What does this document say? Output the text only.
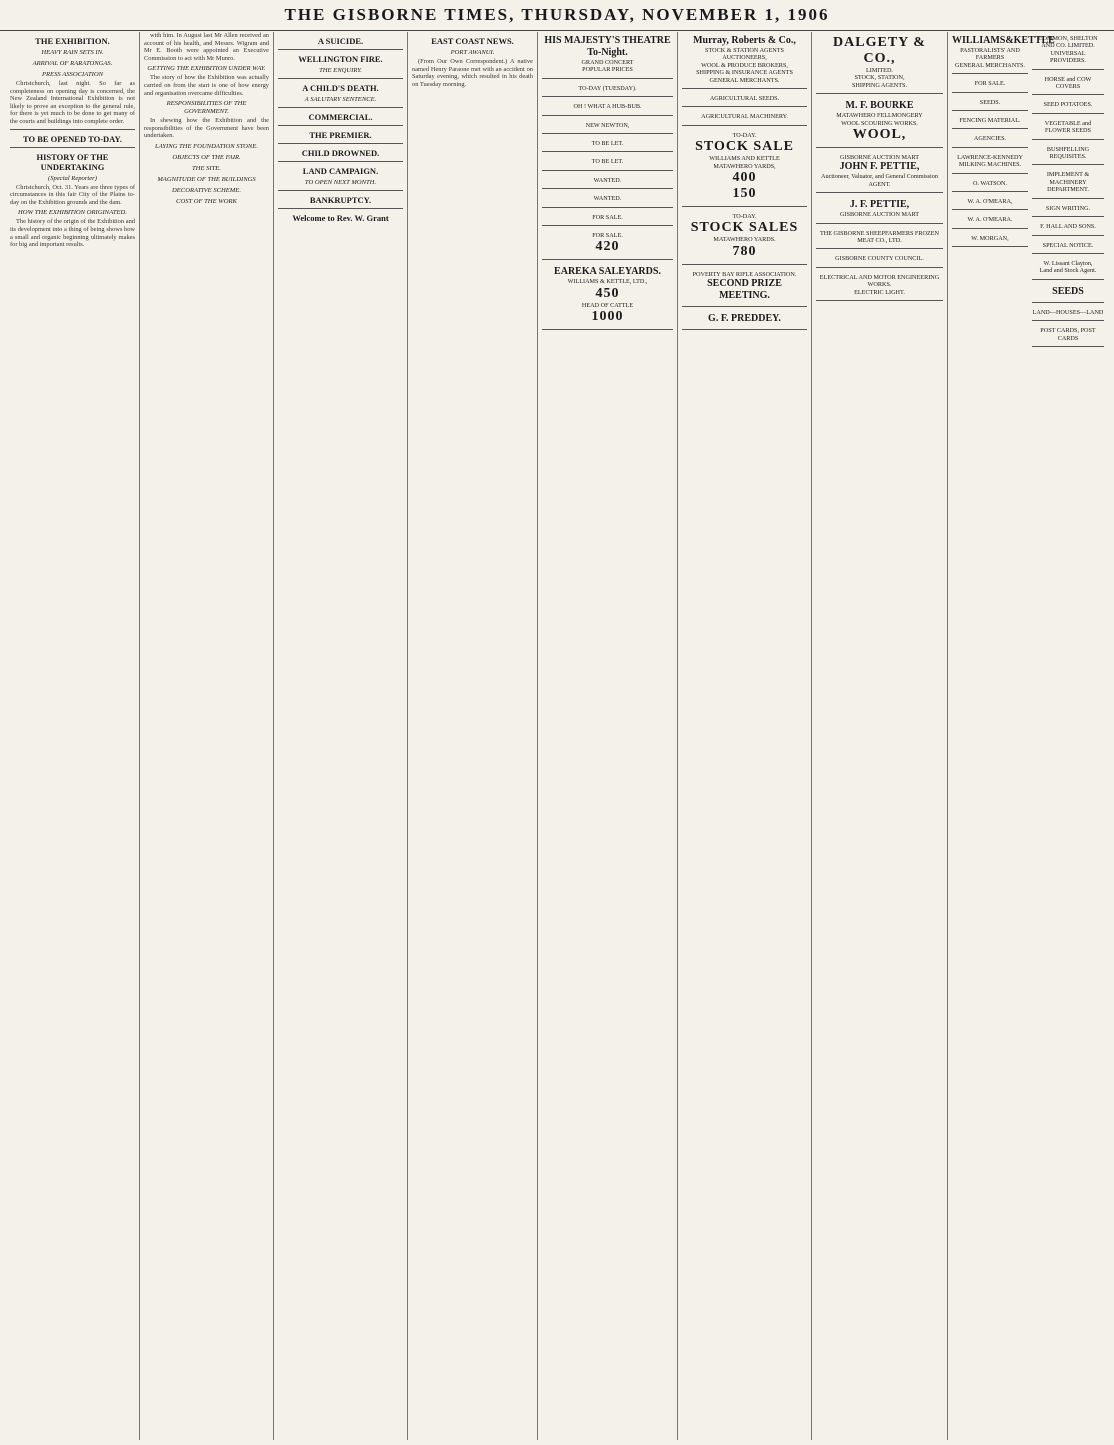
THE GISBORNE TIMES, THURSDAY, NOVEMBER 1, 1906
THE EXHIBITION.
HEAVY RAIN SETS IN.
ARRIVAL OF RARATONGAS.
PRESS ASSOCIATION

Christchurch, last night. So far as completeness on opening day is concerned, the New Zealand International Exhibition is not likely to prove an exception to the general rule, for there is yet much to be done to get many of the courts and buildings into complete order.

TO BE OPENED TO-DAY.
HISTORY OF THE UNDERTAKING
(Special Reporter)

Christchurch, Oct. 31. Years are three types of circumstances in this fair City of the Plains to-day on the Exhibition grounds and the dam.

HOW THE EXHIBITION ORIGINATED.

The history of the origin of the Exhibition and its development into a thing of being shows how a small and organic beginning ultimately makes for big and important results.

with him. In August last Mr Allen received an account of his health, and Messrs. Wigram and Mr E. Booth were appointed an Executive Commission to act with Mr Munro.

GETTING THE EXHIBITION UNDER WAY.

The story of how the Exhibition was actually carried on from the start is one of how energy and organisation overcame difficulties.

RESPONSIBILITIES OF THE GOVERNMENT.

In shewing how the Exhibition and the responsibilities of the Government have been undertaken.

LAYING THE FOUNDATION STONE.
OBJECTS OF THE FAIR.
THE SITE.
MAGNITUDE OF THE BUILDINGS
DECORATIVE SCHEME.
COST OF THE WORK
A SUICIDE.
WELLINGTON FIRE.
THE ENQUIRY.
A CHILD'S DEATH.
A SALUTARY SENTENCE.
COMMERCIAL.
THE PREMIER.
CHILD DROWNED.
LAND CAMPAIGN.
TO OPEN NEXT MONTH.
BANKRUPTCY.
Welcome to Rev. W. Grant
EAST COAST NEWS.
PORT AWANUI.

(From Our Own Correspondent.) A native named Henry Paraone met with an accident on Saturday evening, which resulted in his death on Tuesday morning.

HIS MAJESTY'S THEATRE
To-Night.
GRAND CONCERT
POPULAR PRICES
TO-DAY (TUESDAY).
OH ! WHAT A HUB-BUB.
NEW NEWTON,
TO BE LET.
TO BE LET.
WANTED.
WANTED.
FOR SALE.
FOR SALE.
420
EAREKA SALEYARDS.
WILLIAMS & KETTLE, LTD.,
450
HEAD OF CATTLE
1000
Murray, Roberts & Co.,
STOCK & STATION AGENTS
AUCTIONEERS,
WOOL & PRODUCE BROKERS,
SHIPPING & INSURANCE AGENTS
GENERAL MERCHANTS.
AGRICULTURAL SEEDS.
AGRICULTURAL MACHINERY.
TO-DAY.
STOCK SALE
WILLIAMS AND KETTLE
MATAWHERO YARDS,
400
150
TO-DAY.
STOCK SALES
MATAWHERO YARDS.
780
POVERTY BAY RIFLE ASSOCIATION.
SECOND PRIZE MEETING.
G. F. PREDDEY.
DALGETY & CO.,
LIMITED.
STOCK, STATION,
SHIPPING AGENTS.
M. F. BOURKE
MATAWHERO FELLMONGERY
WOOL SCOURING WORKS.
WOOL,
GISBORNE AUCTION MART
JOHN F. PETTIE,
Auctioneer, Valuator, and General Commission AGENT.
J. F. PETTIE,
GISBORNE AUCTION MART
THE GISBORNE SHEEPFARMERS FROZEN MEAT CO., LTD.
GISBORNE COUNTY COUNCIL.
ELECTRICAL AND MOTOR ENGINEERING WORKS.
ELECTRIC LIGHT.
WILLIAMS&KETTLE
PASTORALISTS' AND FARMERS
GENERAL MERCHANTS.
FOR SALE.
SEEDS.
FENCING MATERIAL.
AGENCIES.
LAWRENCE-KENNEDY MILKING MACHINES.
O. WATSON.
W. A. O'MEARA,
W. A. O'MEARA.
W. MORGAN,
COMMON, SHELTON AND CO. LIMITED.
UNIVERSAL PROVIDERS.
HORSE and COW COVERS
SEED POTATOES.
VEGETABLE and FLOWER SEEDS
BUSHFELLING REQUISITES.
IMPLEMENT & MACHINERY DEPARTMENT.
SIGN WRITING.
F. HALL AND SONS.
SPECIAL NOTICE.
W. Lissant Clayton,
Land and Stock Agent.
SEEDS
LAND—HOUSES—LAND
POST CARDS, POST CARDS
